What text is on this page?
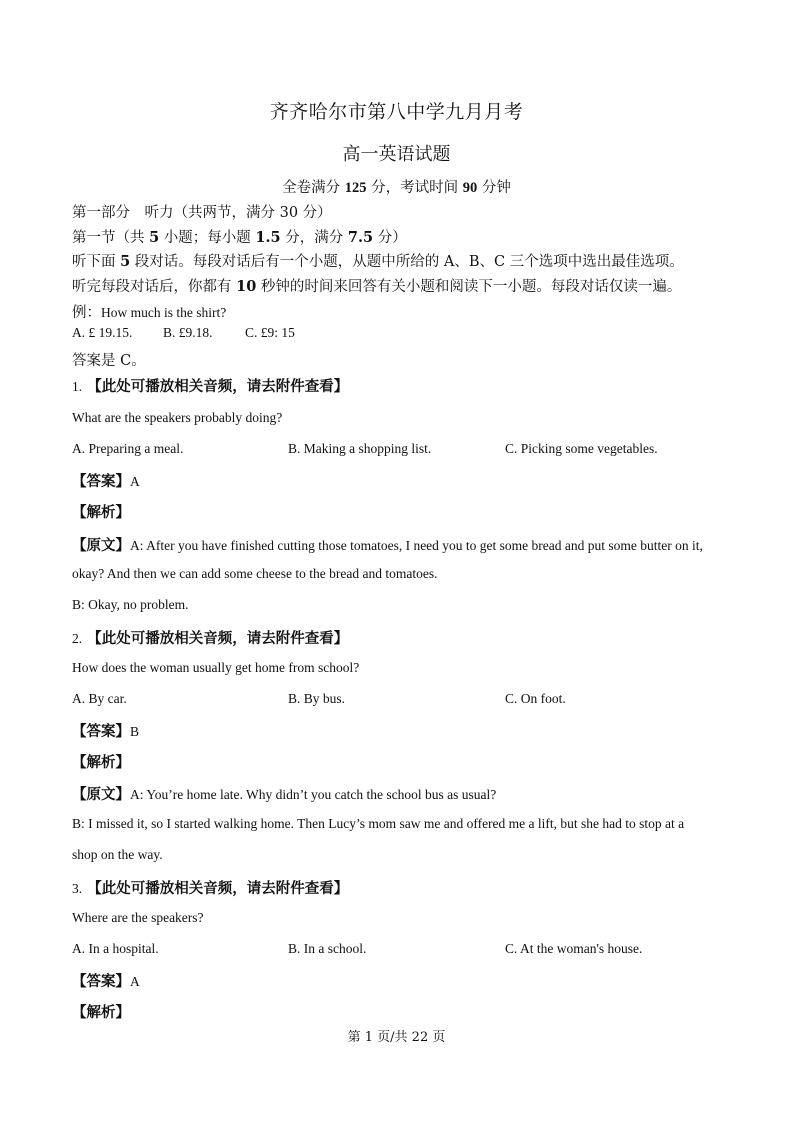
齐齐哈尔市第八中学九月月考
高一英语试题
全卷满分 125 分，考试时间 90 分钟
第一部分　听力（共两节，满分 30 分）
第一节（共 5 小题；每小题 1.5 分，满分 7.5 分）
听下面 5 段对话。每段对话后有一个小题，从题中所给的 A、B、C 三个选项中选出最佳选项。
听完每段对话后，你都有 10 秒钟的时间来回答有关小题和阅读下一小题。每段对话仅读一遍。
例：How much is the shirt?
A. £ 19.15. B. £9.18. C. £9: 15
答案是 C。
1. 【此处可播放相关音频，请去附件查看】
What are the speakers probably doing?
A. Preparing a meal.	B. Making a shopping list.	C. Picking some vegetables.
【答案】A
【解析】
【原文】A: After you have finished cutting those tomatoes, I need you to get some bread and put some butter on it,
okay? And then we can add some cheese to the bread and tomatoes.
B: Okay, no problem.
2. 【此处可播放相关音频，请去附件查看】
How does the woman usually get home from school?
A. By car.	B. By bus.	C. On foot.
【答案】B
【解析】
【原文】A: You’re home late. Why didn’t you catch the school bus as usual?
B: I missed it, so I started walking home. Then Lucy’s mom saw me and offered me a lift, but she had to stop at a
shop on the way.
3. 【此处可播放相关音频，请去附件查看】
Where are the speakers?
A. In a hospital.	B. In a school.	C. At the woman's house.
【答案】A
【解析】
第 1 页/共 22 页
